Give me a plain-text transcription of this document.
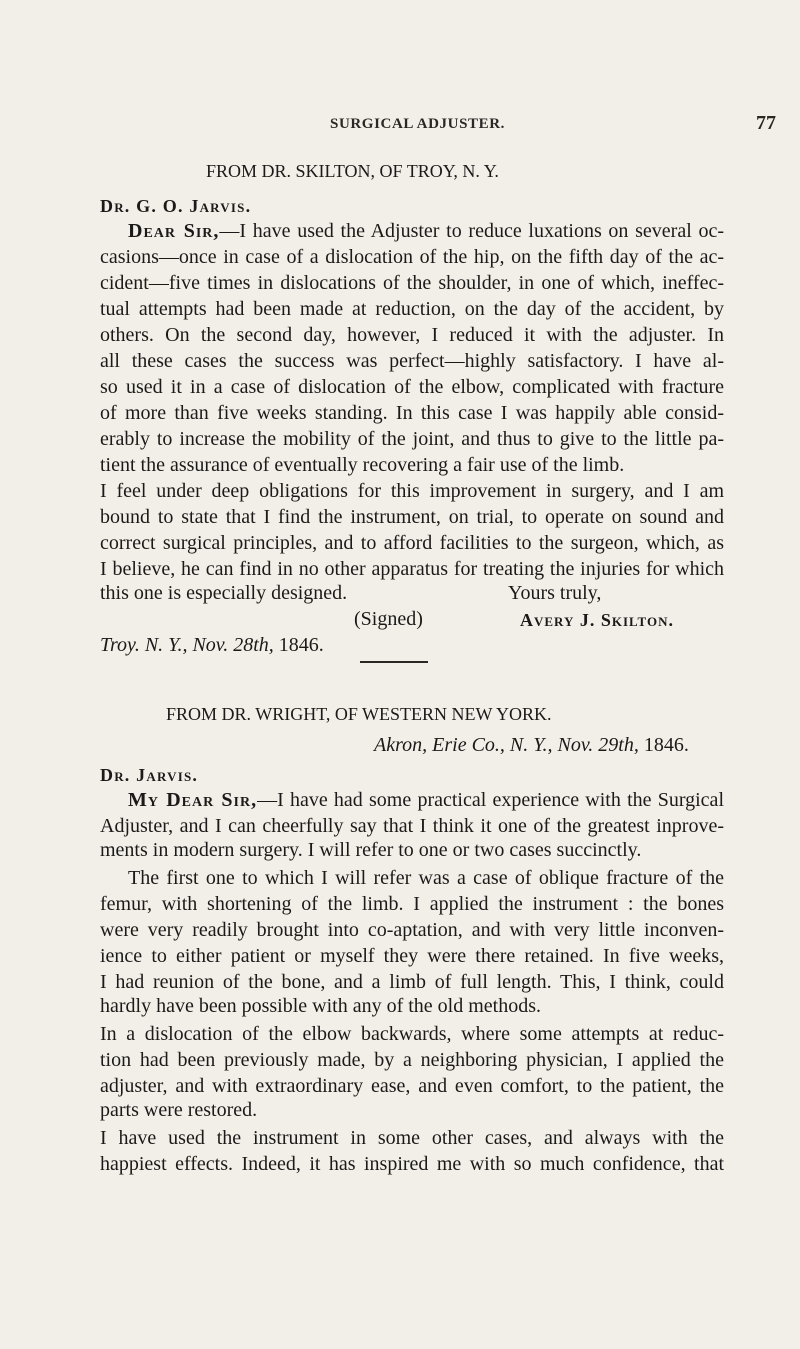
SURGICAL ADJUSTER.	77
FROM DR. SKILTON, OF TROY, N. Y.
Dr. G. O. Jarvis.
Dear Sir,—I have used the Adjuster to reduce luxations on several oc-
casions—once in case of a dislocation of the hip, on the fifth day of the ac-
cident—five times in dislocations of the shoulder, in one of which, ineffec-
tual attempts had been made at reduction, on the day of the accident, by
others. On the second day, however, I reduced it with the adjuster. In
all these cases the success was perfect—highly satisfactory. I have al-
so used it in a case of dislocation of the elbow, complicated with fracture
of more than five weeks standing. In this case I was happily able consid-
erably to increase the mobility of the joint, and thus to give to the little pa-
tient the assurance of eventually recovering a fair use of the limb.
I feel under deep obligations for this improvement in surgery, and I am
bound to state that I find the instrument, on trial, to operate on sound and
correct surgical principles, and to afford facilities to the surgeon, which, as
I believe, he can find in no other apparatus for treating the injuries for which
this one is especially designed.	Yours truly,
(Signed)	Avery J. Skilton.
Troy. N. Y., Nov. 28th, 1846.
FROM DR. WRIGHT, OF WESTERN NEW YORK.
Akron, Erie Co., N. Y., Nov. 29th, 1846.
Dr. Jarvis.
My Dear Sir,—I have had some practical experience with the Surgical
Adjuster, and I can cheerfully say that I think it one of the greatest inprove-
ments in modern surgery. I will refer to one or two cases succinctly.
The first one to which I will refer was a case of oblique fracture of the
femur, with shortening of the limb. I applied the instrument : the bones
were very readily brought into co-aptation, and with very little inconven-
ience to either patient or myself they were there retained. In five weeks,
I had reunion of the bone, and a limb of full length. This, I think, could
hardly have been possible with any of the old methods.
In a dislocation of the elbow backwards, where some attempts at reduc-
tion had been previously made, by a neighboring physician, I applied the
adjuster, and with extraordinary ease, and even comfort, to the patient, the
parts were restored.
I have used the instrument in some other cases, and always with the
happiest effects. Indeed, it has inspired me with so much confidence, that
